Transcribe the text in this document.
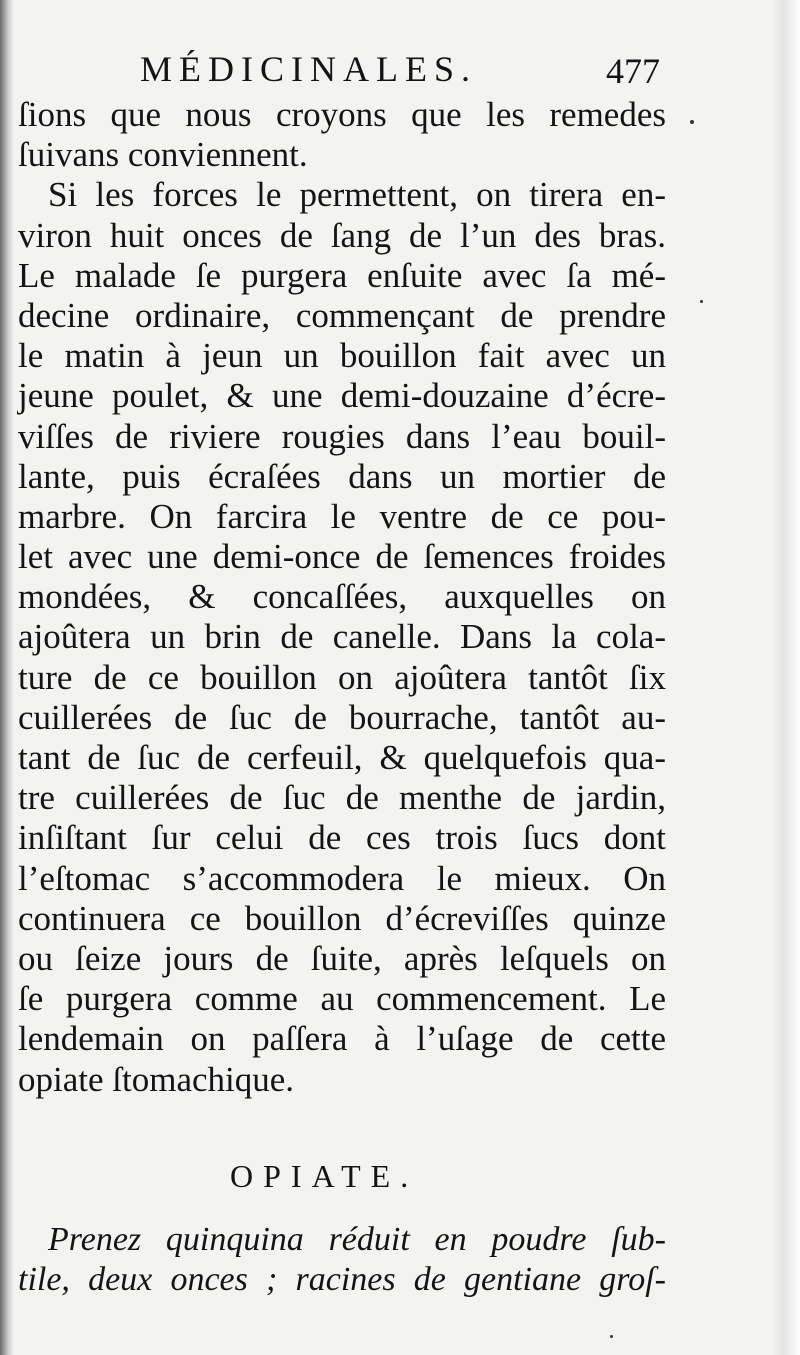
MÉDICINALES.	477
ſions que nous croyons que les remedes
ſuivans conviennent.
Si les forces le permettent, on tirera en-
viron huit onces de ſang de l’un des bras.
Le malade ſe purgera enſuite avec ſa mé-
decine ordinaire, commençant de prendre
le matin à jeun un bouillon fait avec un
jeune poulet, & une demi-douzaine d’écre-
viſſes de riviere rougies dans l’eau bouil-
lante, puis écraſées dans un mortier de
marbre. On farcira le ventre de ce pou-
let avec une demi-once de ſemences froides
mondées, & concaſſées, auxquelles on
ajoûtera un brin de canelle. Dans la cola-
ture de ce bouillon on ajoûtera tantôt ſix
cuillerées de ſuc de bourrache, tantôt au-
tant de ſuc de cerfeuil, & quelquefois qua-
tre cuillerées de ſuc de menthe de jardin,
inſiſtant ſur celui de ces trois ſucs dont
l’eſtomac s’accommodera le mieux. On
continuera ce bouillon d’écreviſſes quinze
ou ſeize jours de ſuite, après leſquels on
ſe purgera comme au commencement. Le
lendemain on paſſera à l’uſage de cette
opiate ſtomachique.
OPIATE.
Prenez quinquina réduit en poudre ſub-
tile, deux onces ; racines de gentiane groſ-
